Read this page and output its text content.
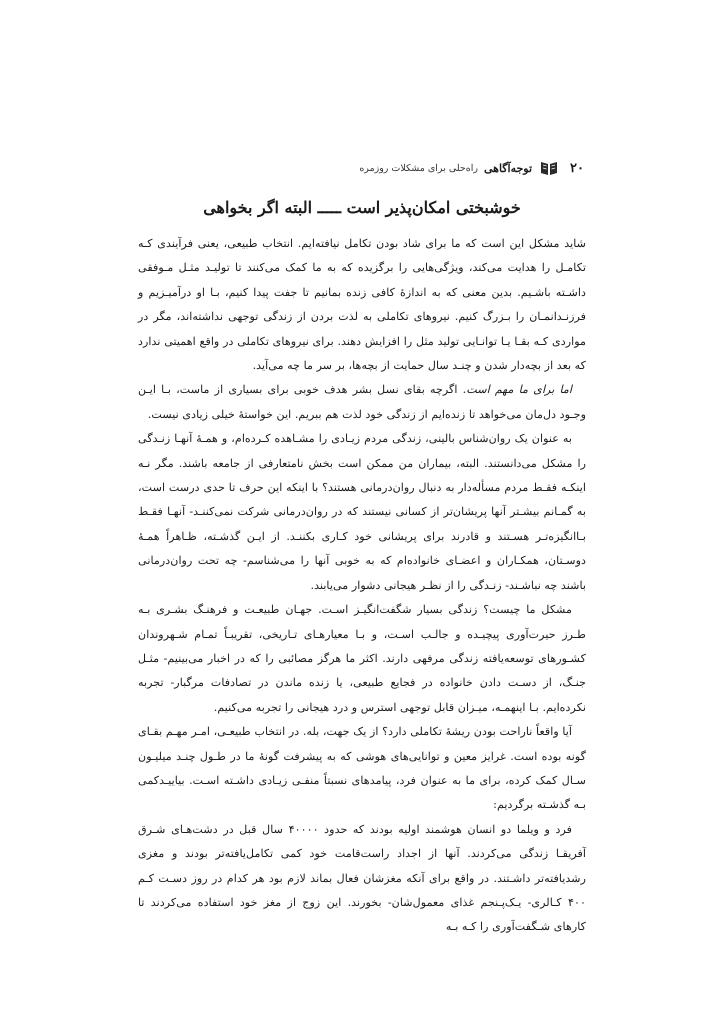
۲۰
توجه‌آگاهی
راه‌حلی برای مشکلات روزمره
خوشبختی امکان‌پذیر است ـــــ البته اگر بخواهی

شاید مشکل این است که ما برای شاد بودن تکامل نیافته‌ایم. انتخاب طبیعی، یعنی فرآیندی کـه تکامـل را هدایت می‌کند، ویژگی‌هایی را برگزیده که به ما کمک می‌کنند تا تولیـد مثـل مـوفقی داشـته باشـیم. بدین معنی که به اندازۀ کافی زنده بمانیم تا جفت پیدا کنیم، بـا او درآمیـزیم و فرزنـدانمـان را بـزرگ کنیم. نیروهای تکاملی به لذت بردن از زندگی توجهی نداشته‌اند، مگر در مواردی کـه بقـا یـا توانـایی تولید مثل را افزایش دهند. برای نیروهای تکاملی در واقع اهمیتی ندارد که بعد از بچه‌دار شدن و چنـد سال حمایت از بچه‌ها، بر سر ما چه می‌آید.

اما برای ما مهم است. اگرچه بقای نسل بشر هدف خوبی برای بسیاری از ماست، بـا ایـن وجـود دل‌مان می‌خواهد تا زنده‌ایم از زندگی خود لذت هم ببریم. این خواستۀ خیلی زیادی نیست.

به عنوان یک روان‌شناس بالینی، زندگی مردم زیـادی را مشـاهده کـرده‌ام، و همـۀ آنهـا زنـدگی را مشکل می‌دانستند. البته، بیماران من ممکن است بخش نامتعارفی از جامعه باشند. مگر نـه اینکـه فقـط مردم مسأله‌دار به دنبال روان‌درمانی هستند؟ با اینکه این حرف تا حدی درست است، به گمـانم بیشـتر آنها پریشان‌تر از کسانی نیستند که در روان‌درمانی شرکت نمی‌کننـد- آنهـا فقـط بـاانگیزه‌تـر هسـتند و قادرند برای پریشانی خود کـاری بکننـد. از ایـن گذشـته، ظـاهراً همـۀ دوسـتان، همکـاران و اعضـای خانواده‌ام که به خوبی آنها را می‌شناسم- چه تحت روان‌درمانی باشند چه نباشـند- زنـدگی را از نظـر هیجانی دشوار می‌یابند.

مشکل ما چیست؟ زندگی بسیار شگفت‌انگیـز اسـت. جهـان طبیعـت و فرهنـگ بشـری بـه طـرز حیرت‌آوری پیچیـده و جالـب اسـت، و بـا معیارهـای تـاریخی، تقریبـاً تمـام شـهروندان کشـورهای توسعه‌یافته زندگی مرفهی دارند. اکثر ما هرگز مصائبی را که در اخبار می‌بینیم- مثـل جنـگ، از دسـت دادن خانواده در فجایع طبیعی، یا زنده ماندن در تصادفات مرگبار- تجربه نکرده‌ایم. بـا اینهمـه، میـزان قابل توجهی استرس و درد هیجانی را تجربه می‌کنیم.

آیا واقعاً ناراحت بودن ریشۀ تکاملی دارد؟ از یک جهت، بله. در انتخاب طبیعـی، امـر مهـم بقـای گونه بوده است. غرایز معین و توانایی‌های هوشی که به پیشرفت گونۀ ما در طـول چنـد میلیـون سـال کمک کرده، برای ما به عنوان فرد، پیامدهای نسبتاً منفـی زیـادی داشـته اسـت. بیاییـدکمی بـه گذشـته برگردیم:

فرد و ویلما دو انسان هوشمند اولیه بودند که حدود ۴۰۰۰۰ سال قبل در دشت‌هـای شـرق آفریقـا زندگی می‌کردند. آنها از اجداد راست‌قامت خود کمی تکامل‌یافته‌تر بودند و مغزی رشدیافته‌تر داشـتند. در واقع برای آنکه مغزشان فعال بماند لازم بود هر کدام در روز دسـت کـم ۴۰۰ کـالری- یـک‌پـنجم غذای معمول‌شان- بخورند. این زوج از مغز خود استفاده می‌کردند تا کارهای شـگفت‌آوری را کـه بـه
